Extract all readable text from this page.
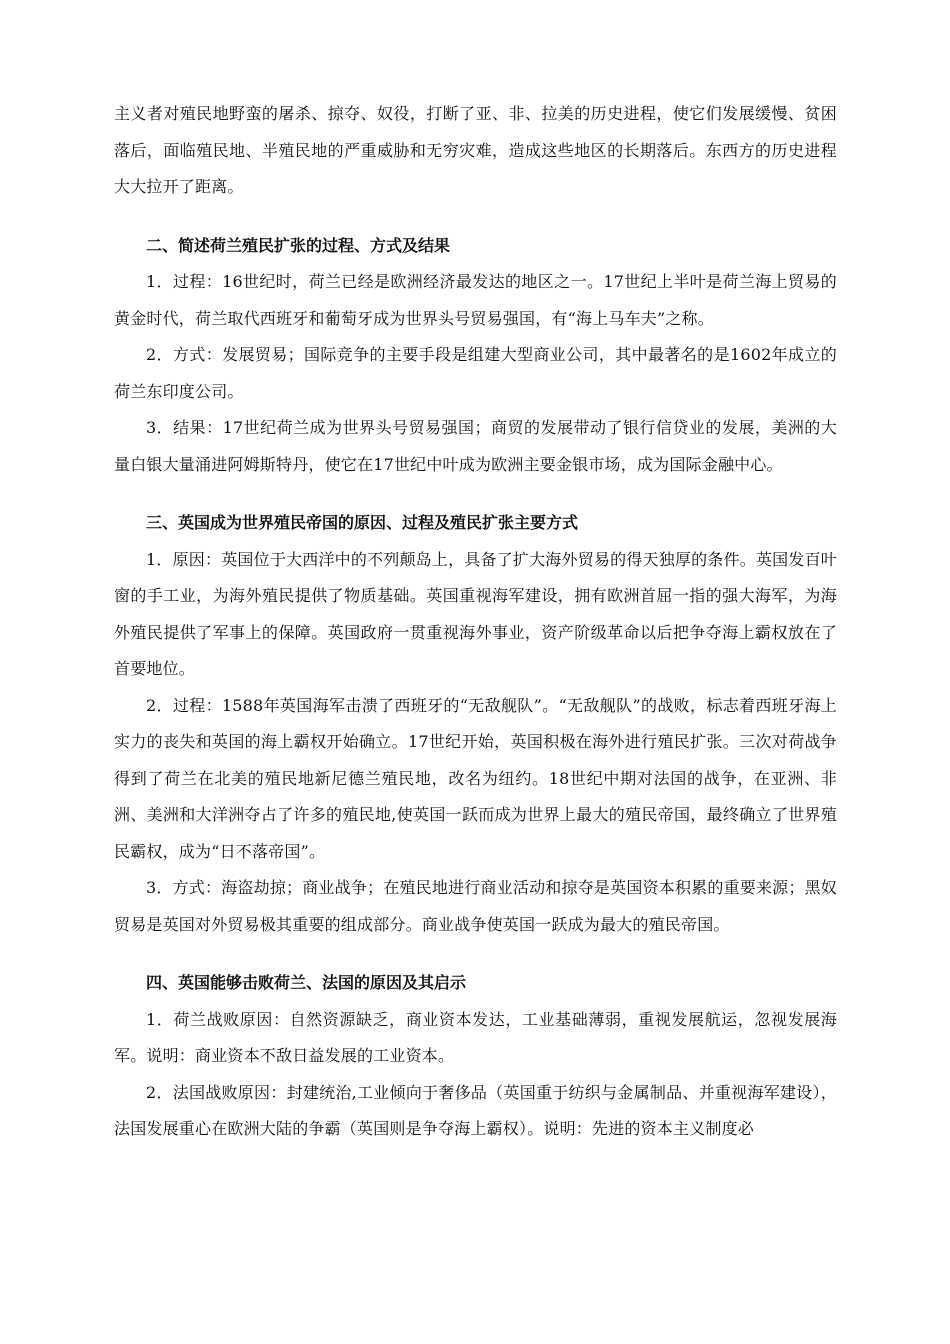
主义者对殖民地野蛮的屠杀、掠夺、奴役，打断了亚、非、拉美的历史进程，使它们发展缓慢、贫困落后，面临殖民地、半殖民地的严重威胁和无穷灾难，造成这些地区的长期落后。东西方的历史进程大大拉开了距离。

二、简述荷兰殖民扩张的过程、方式及结果

1．过程：16世纪时，荷兰已经是欧洲经济最发达的地区之一。17世纪上半叶是荷兰海上贸易的黄金时代，荷兰取代西班牙和葡萄牙成为世界头号贸易强国，有“海上马车夫”之称。

2．方式：发展贸易；国际竞争的主要手段是组建大型商业公司，其中最著名的是1602年成立的荷兰东印度公司。

3．结果：17世纪荷兰成为世界头号贸易强国；商贸的发展带动了银行信贷业的发展，美洲的大量白银大量涌进阿姆斯特丹，使它在17世纪中叶成为欧洲主要金银市场，成为国际金融中心。

三、英国成为世界殖民帝国的原因、过程及殖民扩张主要方式

1．原因：英国位于大西洋中的不列颠岛上，具备了扩大海外贸易的得天独厚的条件。英国发百叶窗的手工业，为海外殖民提供了物质基础。英国重视海军建设，拥有欧洲首屈一指的强大海军，为海外殖民提供了军事上的保障。英国政府一贯重视海外事业，资产阶级革命以后把争夺海上霸权放在了首要地位。

2．过程：1588年英国海军击溃了西班牙的“无敌舰队”。“无敌舰队”的战败，标志着西班牙海上实力的丧失和英国的海上霸权开始确立。17世纪开始，英国积极在海外进行殖民扩张。三次对荷战争得到了荷兰在北美的殖民地新尼德兰殖民地，改名为纽约。18世纪中期对法国的战争，在亚洲、非洲、美洲和大洋洲夺占了许多的殖民地,使英国一跃而成为世界上最大的殖民帝国，最终确立了世界殖民霸权，成为“日不落帝国”。

3．方式：海盗劫掠；商业战争；在殖民地进行商业活动和掠夺是英国资本积累的重要来源；黑奴贸易是英国对外贸易极其重要的组成部分。商业战争使英国一跃成为最大的殖民帝国。

四、英国能够击败荷兰、法国的原因及其启示

1．荷兰战败原因：自然资源缺乏，商业资本发达，工业基础薄弱，重视发展航运，忽视发展海军。说明：商业资本不敌日益发展的工业资本。

2．法国战败原因：封建统治,工业倾向于奢侈品（英国重于纺织与金属制品、并重视海军建设），法国发展重心在欧洲大陆的争霸（英国则是争夺海上霸权）。说明：先进的资本主义制度必
